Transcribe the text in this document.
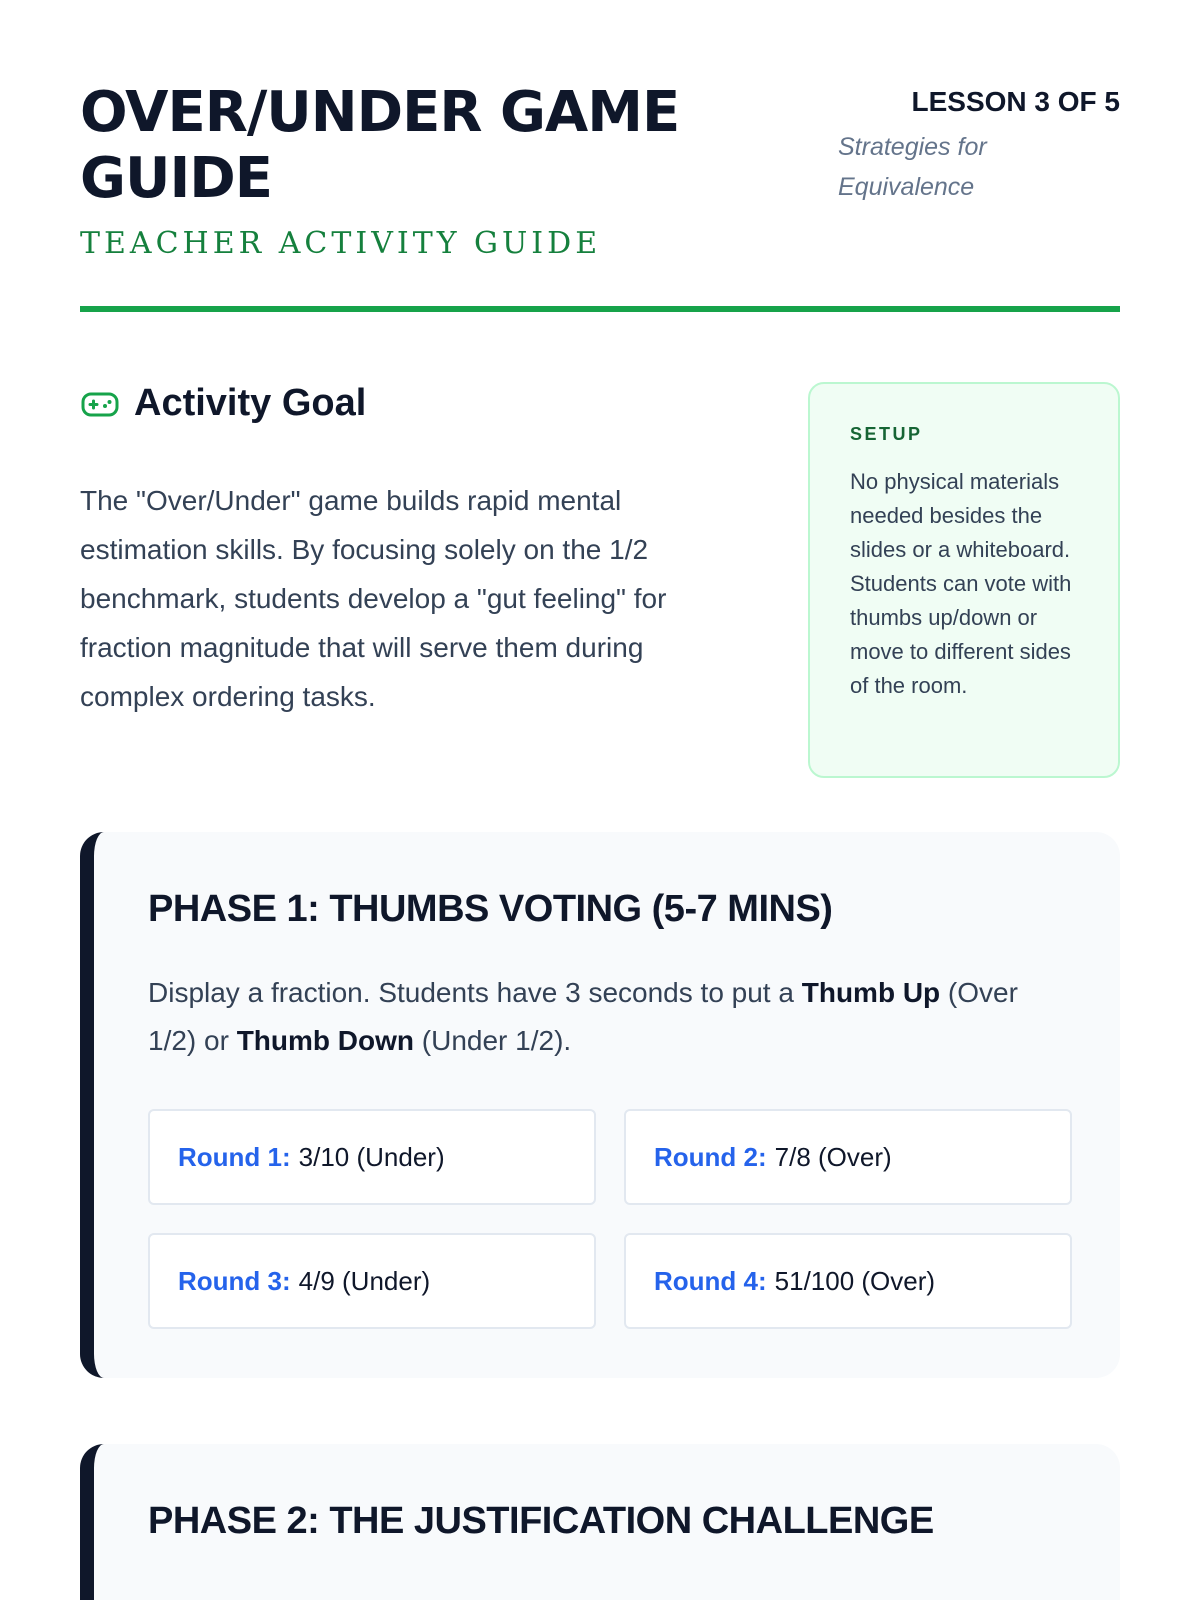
OVER/UNDER GAME GUIDE
TEACHER ACTIVITY GUIDE
LESSON 3 OF 5
Strategies for Equivalence
Activity Goal

The "Over/Under" game builds rapid mental estimation skills. By focusing solely on the 1/2 benchmark, students develop a "gut feeling" for fraction magnitude that will serve them during complex ordering tasks.

SETUP

No physical materials needed besides the slides or a whiteboard. Students can vote with thumbs up/down or move to different sides of the room.

PHASE 1: THUMBS VOTING (5-7 MINS)

Display a fraction. Students have 3 seconds to put a Thumb Up (Over 1/2) or Thumb Down (Under 1/2).

Round 1: 3/10 (Under)	Round 2: 7/8 (Over)
Round 3: 4/9 (Under)	Round 4: 51/100 (Over)
PHASE 2: THE JUSTIFICATION CHALLENGE
